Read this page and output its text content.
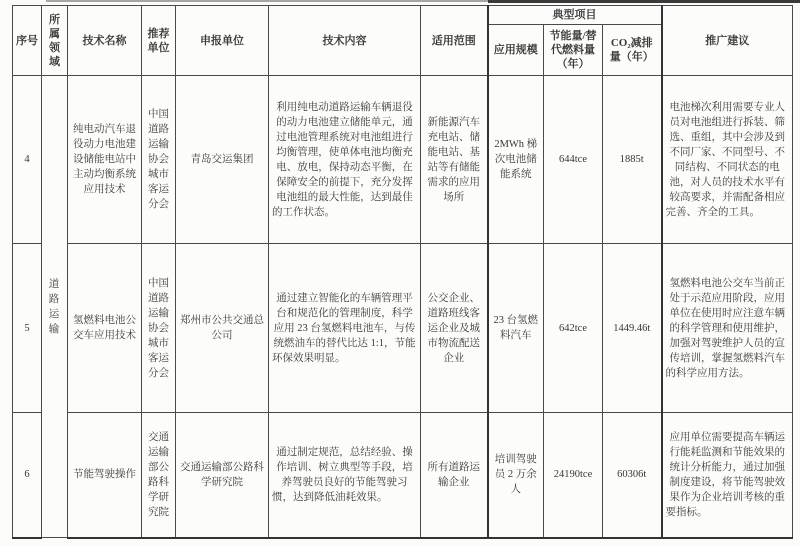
序号	所属领域	技术名称	推荐单位	申报单位	技术内容	适用范围	典型项目			推广建议
							应用规模	节能量/替代燃料量（年）	CO₂减排量（年）	
4	道路运输	纯电动汽车退役动力电池建设储能电站中主动均衡系统应用技术	中国道路运输协会城市客运分会	青岛交运集团	利用纯电动道路运输车辆退役的动力电池建立储能单元，通过电池管理系统对电池组进行均衡管理，使单体电池均衡充电、放电，保持动态平衡，在保障安全的前提下，充分发挥电池组的最大性能，达到最佳的工作状态。	新能源汽车充电站、储能电站、基站等有储能需求的应用场所	2MWh 梯次电池储能系统	644tce	1885t	电池梯次利用需要专业人员对电池组进行拆装、筛选、重组，其中会涉及到不同厂家、不同型号、不同结构、不同状态的电池，对人员的技术水平有较高要求，并需配备相应完善、齐全的工具。
5		氢燃料电池公交车应用技术	中国道路运输协会城市客运分会	郑州市公共交通总公司	通过建立智能化的车辆管理平台和规范化的管理制度，科学应用 23 台氢燃料电池车，与传统燃油车的替代比达 1:1，节能环保效果明显。	公交企业、道路班线客运企业及城市物流配送企业	23 台氢燃料汽车	642tce	1449.46t	氢燃料电池公交车当前正处于示范应用阶段，应用单位在使用时应注意车辆的科学管理和使用维护，加强对驾驶维护人员的宣传培训，掌握氢燃料汽车的科学应用方法。
6		节能驾驶操作	交通运输部公路科学研究院	交通运输部公路科学研究院	通过制定规范，总结经验、操作培训、树立典型等手段，培养驾驶员良好的节能驾驶习惯，达到降低油耗效果。	所有道路运输企业	培训驾驶员 2 万余人	24190tce	60306t	应用单位需要提高车辆运行能耗监测和节能效果的统计分析能力，通过加强制度建设，将节能驾驶效果作为企业培训考核的重要指标。
